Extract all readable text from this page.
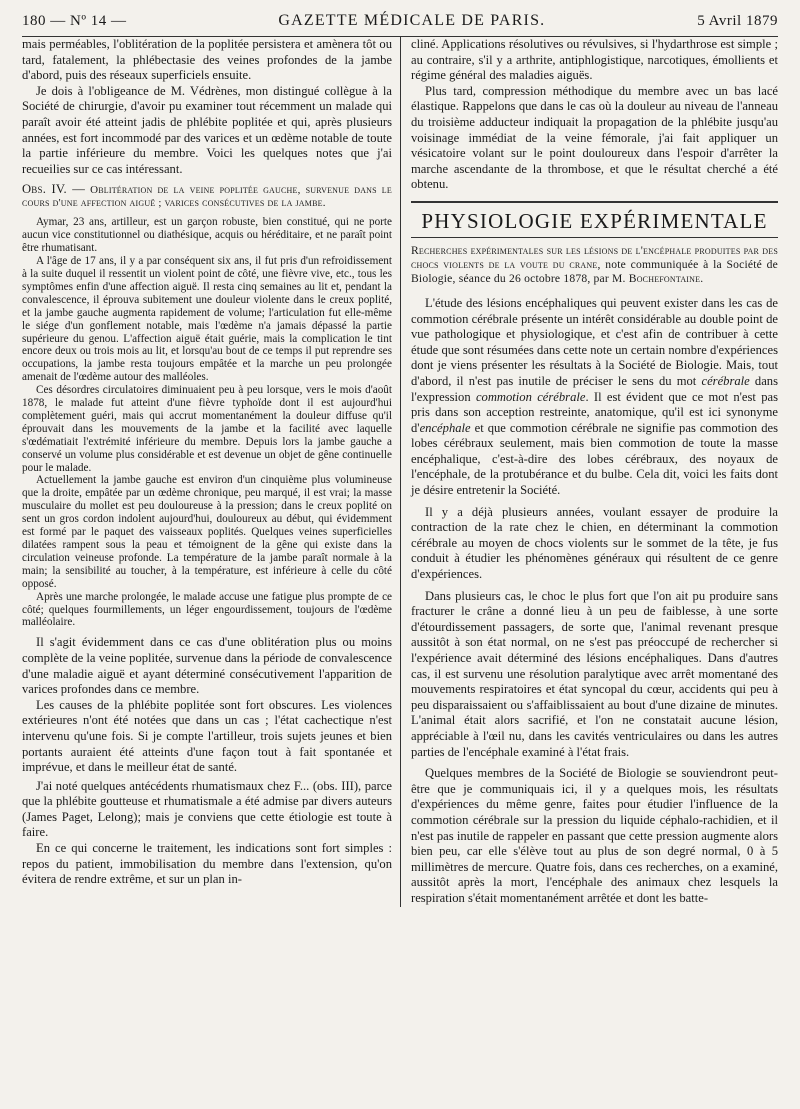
180 — Nº 14 —	GAZETTE MÉDICALE DE PARIS.	5 Avril 1879

mais perméables, l'oblitération de la poplitée persistera et amènera tôt ou tard, fatalement, la phlébectasie des veines profondes de la jambe d'abord, puis des réseaux superficiels ensuite.

Je dois à l'obligeance de M. Védrènes, mon distingué collègue à la Société de chirurgie, d'avoir pu examiner tout récemment un malade qui paraît avoir été atteint jadis de phlébite poplitée et qui, après plusieurs années, est fort incommodé par des varices et un œdème notable de toute la partie inférieure du membre. Voici les quelques notes que j'ai recueilies sur ce cas intéressant.

Obs. IV. — Oblitération de la veine poplitée gauche, survenue dans le cours d'une affection aiguë ; varices consécutives de la jambe.

Aymar, 23 ans, artilleur, est un garçon robuste, bien constitué, qui ne porte aucun vice constitutionnel ou diathésique, acquis ou héréditaire, et ne paraît point être rhumatisant.

A l'âge de 17 ans, il y a par conséquent six ans, il fut pris d'un refroidissement à la suite duquel il ressentit un violent point de côté, une fièvre vive, etc., tous les symptômes enfin d'une affection aiguë. Il resta cinq semaines au lit et, pendant la convalescence, il éprouva subitement une douleur violente dans le creux poplité, et la jambe gauche augmenta rapidement de volume; l'articulation fut elle-même le siége d'un gonflement notable, mais l'œdème n'a jamais dépassé la partie supérieure du genou. L'affection aiguë était guérie, mais la complication le tint encore deux ou trois mois au lit, et lorsqu'au bout de ce temps il put reprendre ses occupations, la jambe resta toujours empâtée et la marche un peu prolongée amenait de l'œdème autour des malléoles.

Ces désordres circulatoires diminuaient peu à peu lorsque, vers le mois d'août 1878, le malade fut atteint d'une fièvre typhoïde dont il est aujourd'hui complètement guéri, mais qui accrut momentanément la douleur diffuse qu'il éprouvait dans les mouvements de la jambe et la facilité avec laquelle s'œdématiait l'extrémité inférieure du membre. Depuis lors la jambe gauche a conservé un volume plus considérable et est devenue un objet de gêne continuelle pour le malade.

Actuellement la jambe gauche est environ d'un cinquième plus volumineuse que la droite, empâtée par un œdème chronique, peu marqué, il est vrai; la masse musculaire du mollet est peu douloureuse à la pression; dans le creux poplité on sent un gros cordon indolent aujourd'hui, douloureux au début, qui évidemment est formé par le paquet des vaisseaux poplités. Quelques veines superficielles dilatées rampent sous la peau et témoignent de la gêne qui existe dans la circulation veineuse profonde. La température de la jambe paraît normale à la main; la sensibilité au toucher, à la température, est inférieure à celle du côté opposé.

Après une marche prolongée, le malade accuse une fatigue plus prompte de ce côté; quelques fourmillements, un léger engourdissement, toujours de l'œdème malléolaire.

Il s'agit évidemment dans ce cas d'une oblitération plus ou moins complète de la veine poplitée, survenue dans la période de convalescence d'une maladie aiguë et ayant déterminé consécutivement l'apparition de varices profondes dans ce membre.

Les causes de la phlébite poplitée sont fort obscures. Les violences extérieures n'ont été notées que dans un cas ; l'état cachectique n'est intervenu qu'une fois. Si je compte l'artilleur, trois sujets jeunes et bien portants auraient été atteints d'une façon tout à fait spontanée et imprévue, et dans le meilleur état de santé.

J'ai noté quelques antécédents rhumatismaux chez F... (obs. III), parce que la phlébite goutteuse et rhumatismale a été admise par divers auteurs (James Paget, Lelong); mais je conviens que cette étiologie est toute à faire.

En ce qui concerne le traitement, les indications sont fort simples : repos du patient, immobilisation du membre dans l'extension, qu'on évitera de rendre extrême, et sur un plan in-

cliné. Applications résolutives ou révulsives, si l'hydarthrose est simple ; au contraire, s'il y a arthrite, antiphlogistique, narcotiques, émollients et régime général des maladies aiguës.

Plus tard, compression méthodique du membre avec un bas lacé élastique. Rappelons que dans le cas où la douleur au niveau de l'anneau du troisième adducteur indiquait la propagation de la phlébite jusqu'au voisinage immédiat de la veine fémorale, j'ai fait appliquer un vésicatoire volant sur le point douloureux dans l'espoir d'arrêter la marche ascendante de la thrombose, et que le résultat cherché a été obtenu.

PHYSIOLOGIE EXPÉRIMENTALE
Recherches expérimentales sur les lésions de l'encéphale produites par des chocs violents de la voute du crane, note communiquée à la Société de Biologie, séance du 26 octobre 1878, par M. Bochefontaine.

L'étude des lésions encéphaliques qui peuvent exister dans les cas de commotion cérébrale présente un intérêt considérable au double point de vue pathologique et physiologique, et c'est afin de contribuer à cette étude que sont résumées dans cette note un certain nombre d'expériences dont je viens présenter les résultats à la Société de Biologie. Mais, tout d'abord, il n'est pas inutile de préciser le sens du mot cérébrale dans l'expression commotion cérébrale. Il est évident que ce mot n'est pas pris dans son acception restreinte, anatomique, qu'il est ici synonyme d'encéphale et que commotion cérébrale ne signifie pas commotion des lobes cérébraux seulement, mais bien commotion de toute la masse encéphalique, c'est-à-dire des lobes cérébraux, des noyaux de l'encéphale, de la protubérance et du bulbe. Cela dit, voici les faits dont je désire entretenir la Société.

Il y a déjà plusieurs années, voulant essayer de produire la contraction de la rate chez le chien, en déterminant la commotion cérébrale au moyen de chocs violents sur le sommet de la tête, je fus conduit à étudier les phénomènes généraux qui résultent de ce genre d'expériences.

Dans plusieurs cas, le choc le plus fort que l'on ait pu produire sans fracturer le crâne a donné lieu à un peu de faiblesse, à une sorte d'étourdissement passagers, de sorte que, l'animal revenant presque aussitôt à son état normal, on ne s'est pas préoccupé de rechercher si l'expérience avait déterminé des lésions encéphaliques. Dans d'autres cas, il est survenu une résolution paralytique avec arrêt momentané des mouvements respiratoires et état syncopal du cœur, accidents qui peu à peu disparaissaient ou s'affaiblissaient au bout d'une dizaine de minutes. L'animal était alors sacrifié, et l'on ne constatait aucune lésion, appréciable à l'œil nu, dans les cavités ventriculaires ou dans les autres parties de l'encéphale examiné à l'état frais.

Quelques membres de la Société de Biologie se souviendront peut-être que je communiquais ici, il y a quelques mois, les résultats d'expériences du même genre, faites pour étudier l'influence de la commotion cérébrale sur la pression du liquide céphalo-rachidien, et il n'est pas inutile de rappeler en passant que cette pression augmente alors bien peu, car elle s'élève tout au plus de son degré normal, 0 à 5 millimètres de mercure. Quatre fois, dans ces recherches, on a examiné, aussitôt après la mort, l'encéphale des animaux chez lesquels la respiration s'était momentanément arrêtée et dont les batte-
